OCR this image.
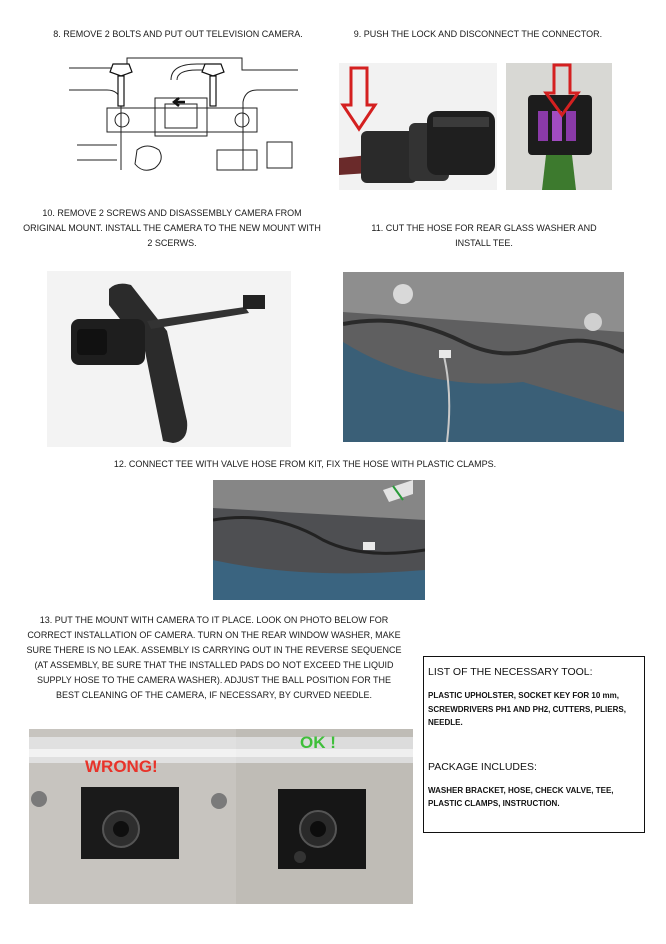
8. REMOVE 2 BOLTS AND PUT OUT TELEVISION CAMERA.	9. PUSH THE LOCK AND DISCONNECT THE CONNECTOR.
10. REMOVE 2 SCREWS AND DISASSEMBLY CAMERA FROM ORIGINAL MOUNT. INSTALL THE CAMERA TO THE NEW MOUNT WITH 2 SCERWS.
11. CUT THE HOSE FOR REAR GLASS WASHER AND INSTALL TEE.
12. CONNECT TEE WITH VALVE HOSE FROM KIT, FIX THE HOSE WITH PLASTIC CLAMPS.
13. PUT THE MOUNT WITH CAMERA TO IT PLACE. LOOK ON PHOTO BELOW FOR CORRECT INSTALLATION OF CAMERA. TURN ON THE REAR WINDOW WASHER, MAKE SURE THERE IS NO LEAK. ASSEMBLY IS CARRYING OUT IN THE REVERSE SEQUENCE (AT ASSEMBLY, BE SURE THAT THE INSTALLED PADS DO NOT EXCEED THE LIQUID SUPPLY HOSE TO THE CAMERA WASHER). ADJUST THE BALL POSITION FOR THE BEST CLEANING OF THE CAMERA, IF NECESSARY, BY CURVED NEEDLE.
WRONG!
OK !
LIST OF THE NECESSARY TOOL:
PLASTIC UPHOLSTER, SOCKET KEY FOR 10 mm, SCREWDRIVERS PH1 AND PH2, CUTTERS, PLIERS, NEEDLE.
PACKAGE INCLUDES:
WASHER BRACKET, HOSE, CHECK VALVE, TEE, PLASTIC CLAMPS, INSTRUCTION.
